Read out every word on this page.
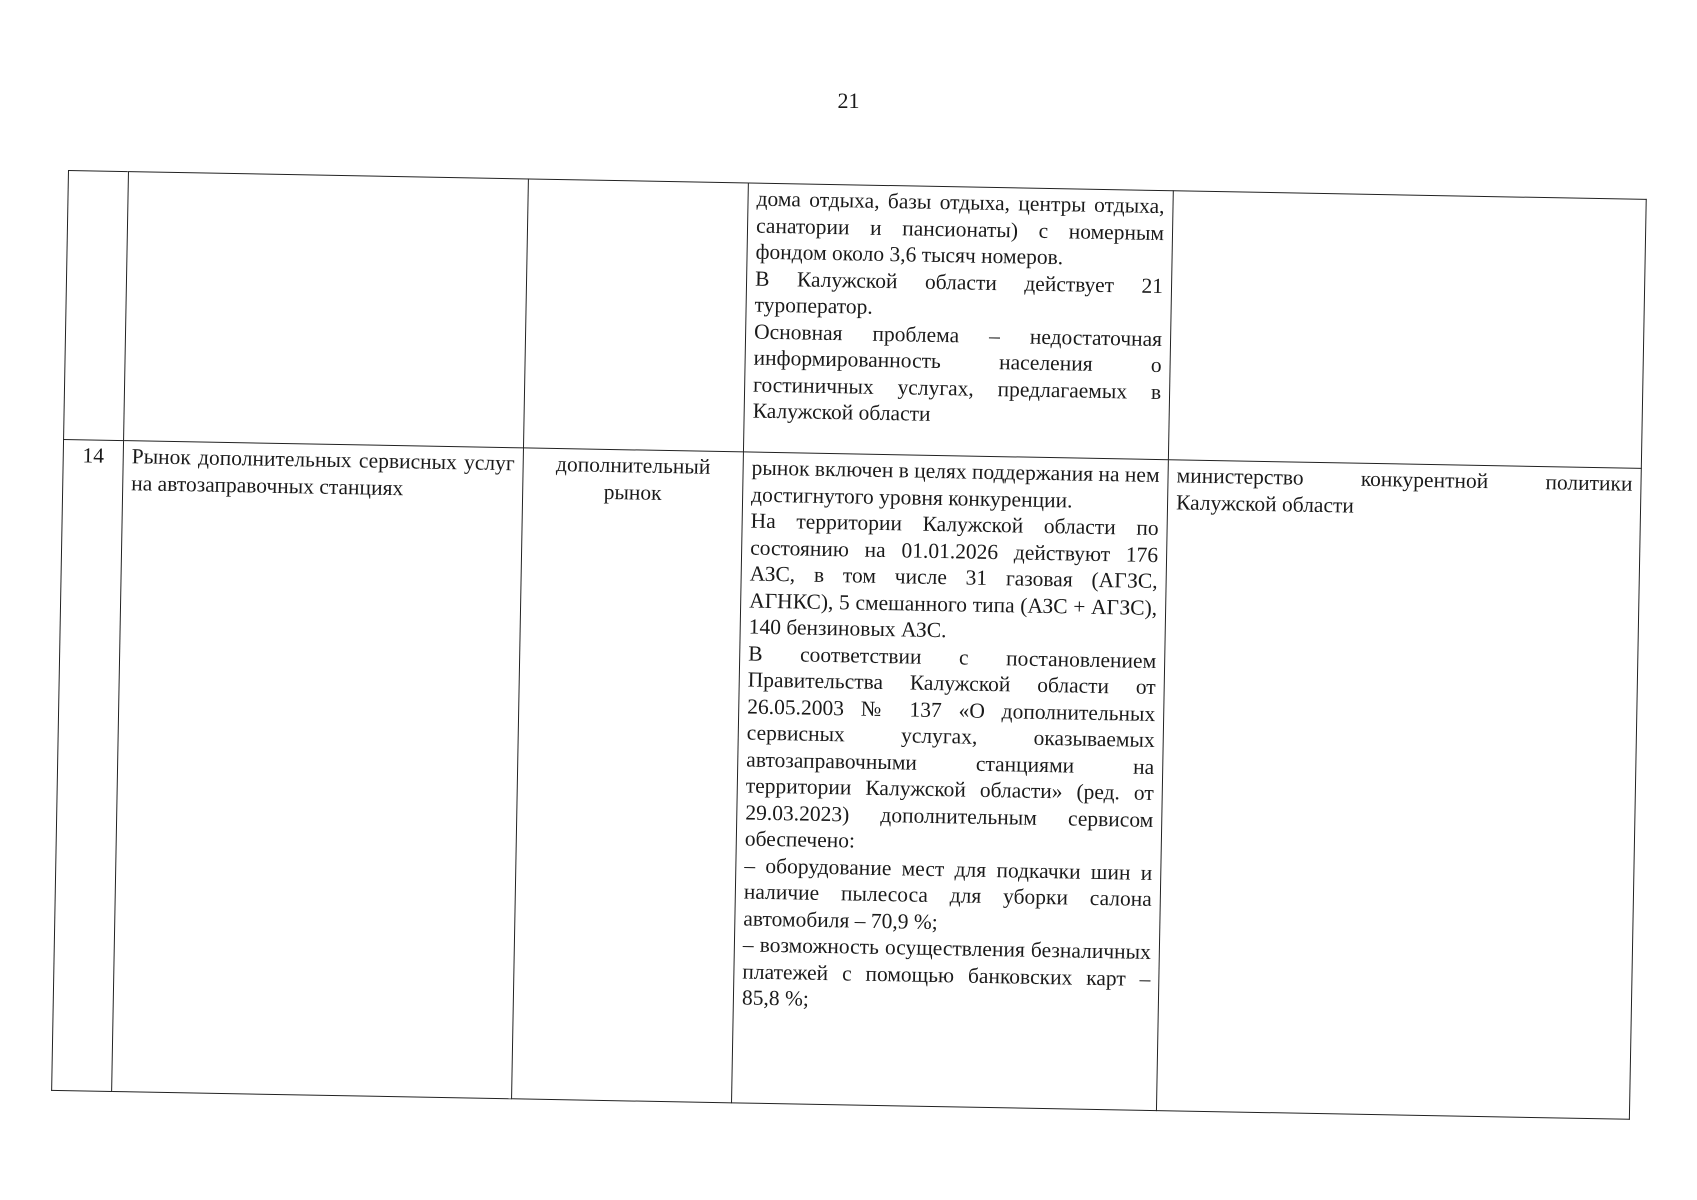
21

			дома отдыха, базы отдыха, центры отдыха, санатории и пансионаты) с номерным фондом около 3,6 тысяч номеров.

В Калужской области действует 21 туроператор.

Основная проблема – недостаточная информированность населения о гостиничных услугах, предлагаемых в Калужской области	

14	Рынок дополнительных сервисных услуг на автозаправочных станциях	дополнительный рынок	рынок включен в целях поддержания на нем достигнутого уровня конкуренции.

На территории Калужской области по состоянию на 01.01.2026 действуют 176 АЗС, в том числе 31 газовая (АГЗС, АГНКС), 5 смешанного типа (АЗС + АГЗС), 140 бензиновых АЗС.

В соответствии с постановлением Правительства Калужской области от 26.05.2003 № 137 «О дополнительных сервисных услугах, оказываемых автозаправочными станциями на территории Калужской области» (ред. от 29.03.2023) дополнительным сервисом обеспечено:

– оборудование мест для подкачки шин и наличие пылесоса для уборки салона автомобиля – 70,9 %;

– возможность осуществления безналичных платежей с помощью банковских карт – 85,8 %;	министерство конкурентной политики Калужской области
